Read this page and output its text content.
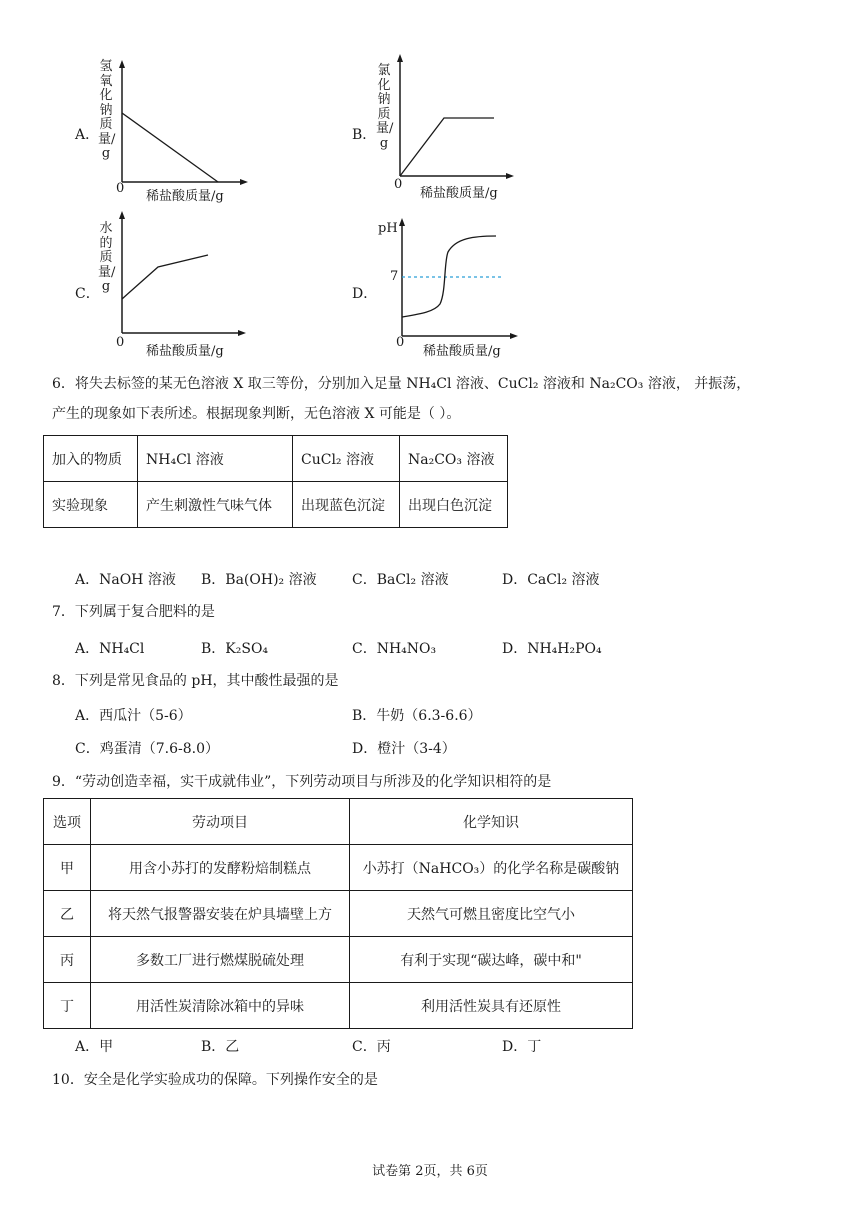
A．
氢氧化钠质量/g
0
稀盐酸质量/g
B．
氯化钠质量/g
0
稀盐酸质量/g
C．
水的质量/g
0
稀盐酸质量/g
D．
pH
7
0
稀盐酸质量/g
6．将失去标签的某无色溶液 X 取三等份，分别加入足量 NH₄Cl 溶液、CuCl₂ 溶液和 Na₂CO₃ 溶液， 并振荡，
产生的现象如下表所述。根据现象判断，无色溶液 X 可能是（ ）。
加入的物质	NH₄Cl 溶液	CuCl₂ 溶液	Na₂CO₃ 溶液
实验现象	产生刺激性气味气体	出现蓝色沉淀	出现白色沉淀
A．NaOH 溶液 B．Ba(OH)₂ 溶液	C．BaCl₂ 溶液	D．CaCl₂ 溶液
7．下列属于复合肥料的是
A．NH₄Cl	B．K₂SO₄	C．NH₄NO₃	D．NH₄H₂PO₄
8．下列是常见食品的 pH，其中酸性最强的是
A．西瓜汁（5-6）	B．牛奶（6.3-6.6）
C．鸡蛋清（7.6-8.0）	D．橙汁（3-4）
9．“劳动创造幸福，实干成就伟业”，下列劳动项目与所涉及的化学知识相符的是
选项	劳动项目	化学知识
甲	用含小苏打的发酵粉焙制糕点	小苏打（NaHCO₃）的化学名称是碳酸钠
乙	将天然气报警器安装在炉具墙壁上方	天然气可燃且密度比空气小
丙	多数工厂进行燃煤脱硫处理	有利于实现“碳达峰，碳中和"
丁	用活性炭清除冰箱中的异味	利用活性炭具有还原性
A．甲	B．乙	C．丙	D．丁
10．安全是化学实验成功的保障。下列操作安全的是
试卷第 2页，共 6页
